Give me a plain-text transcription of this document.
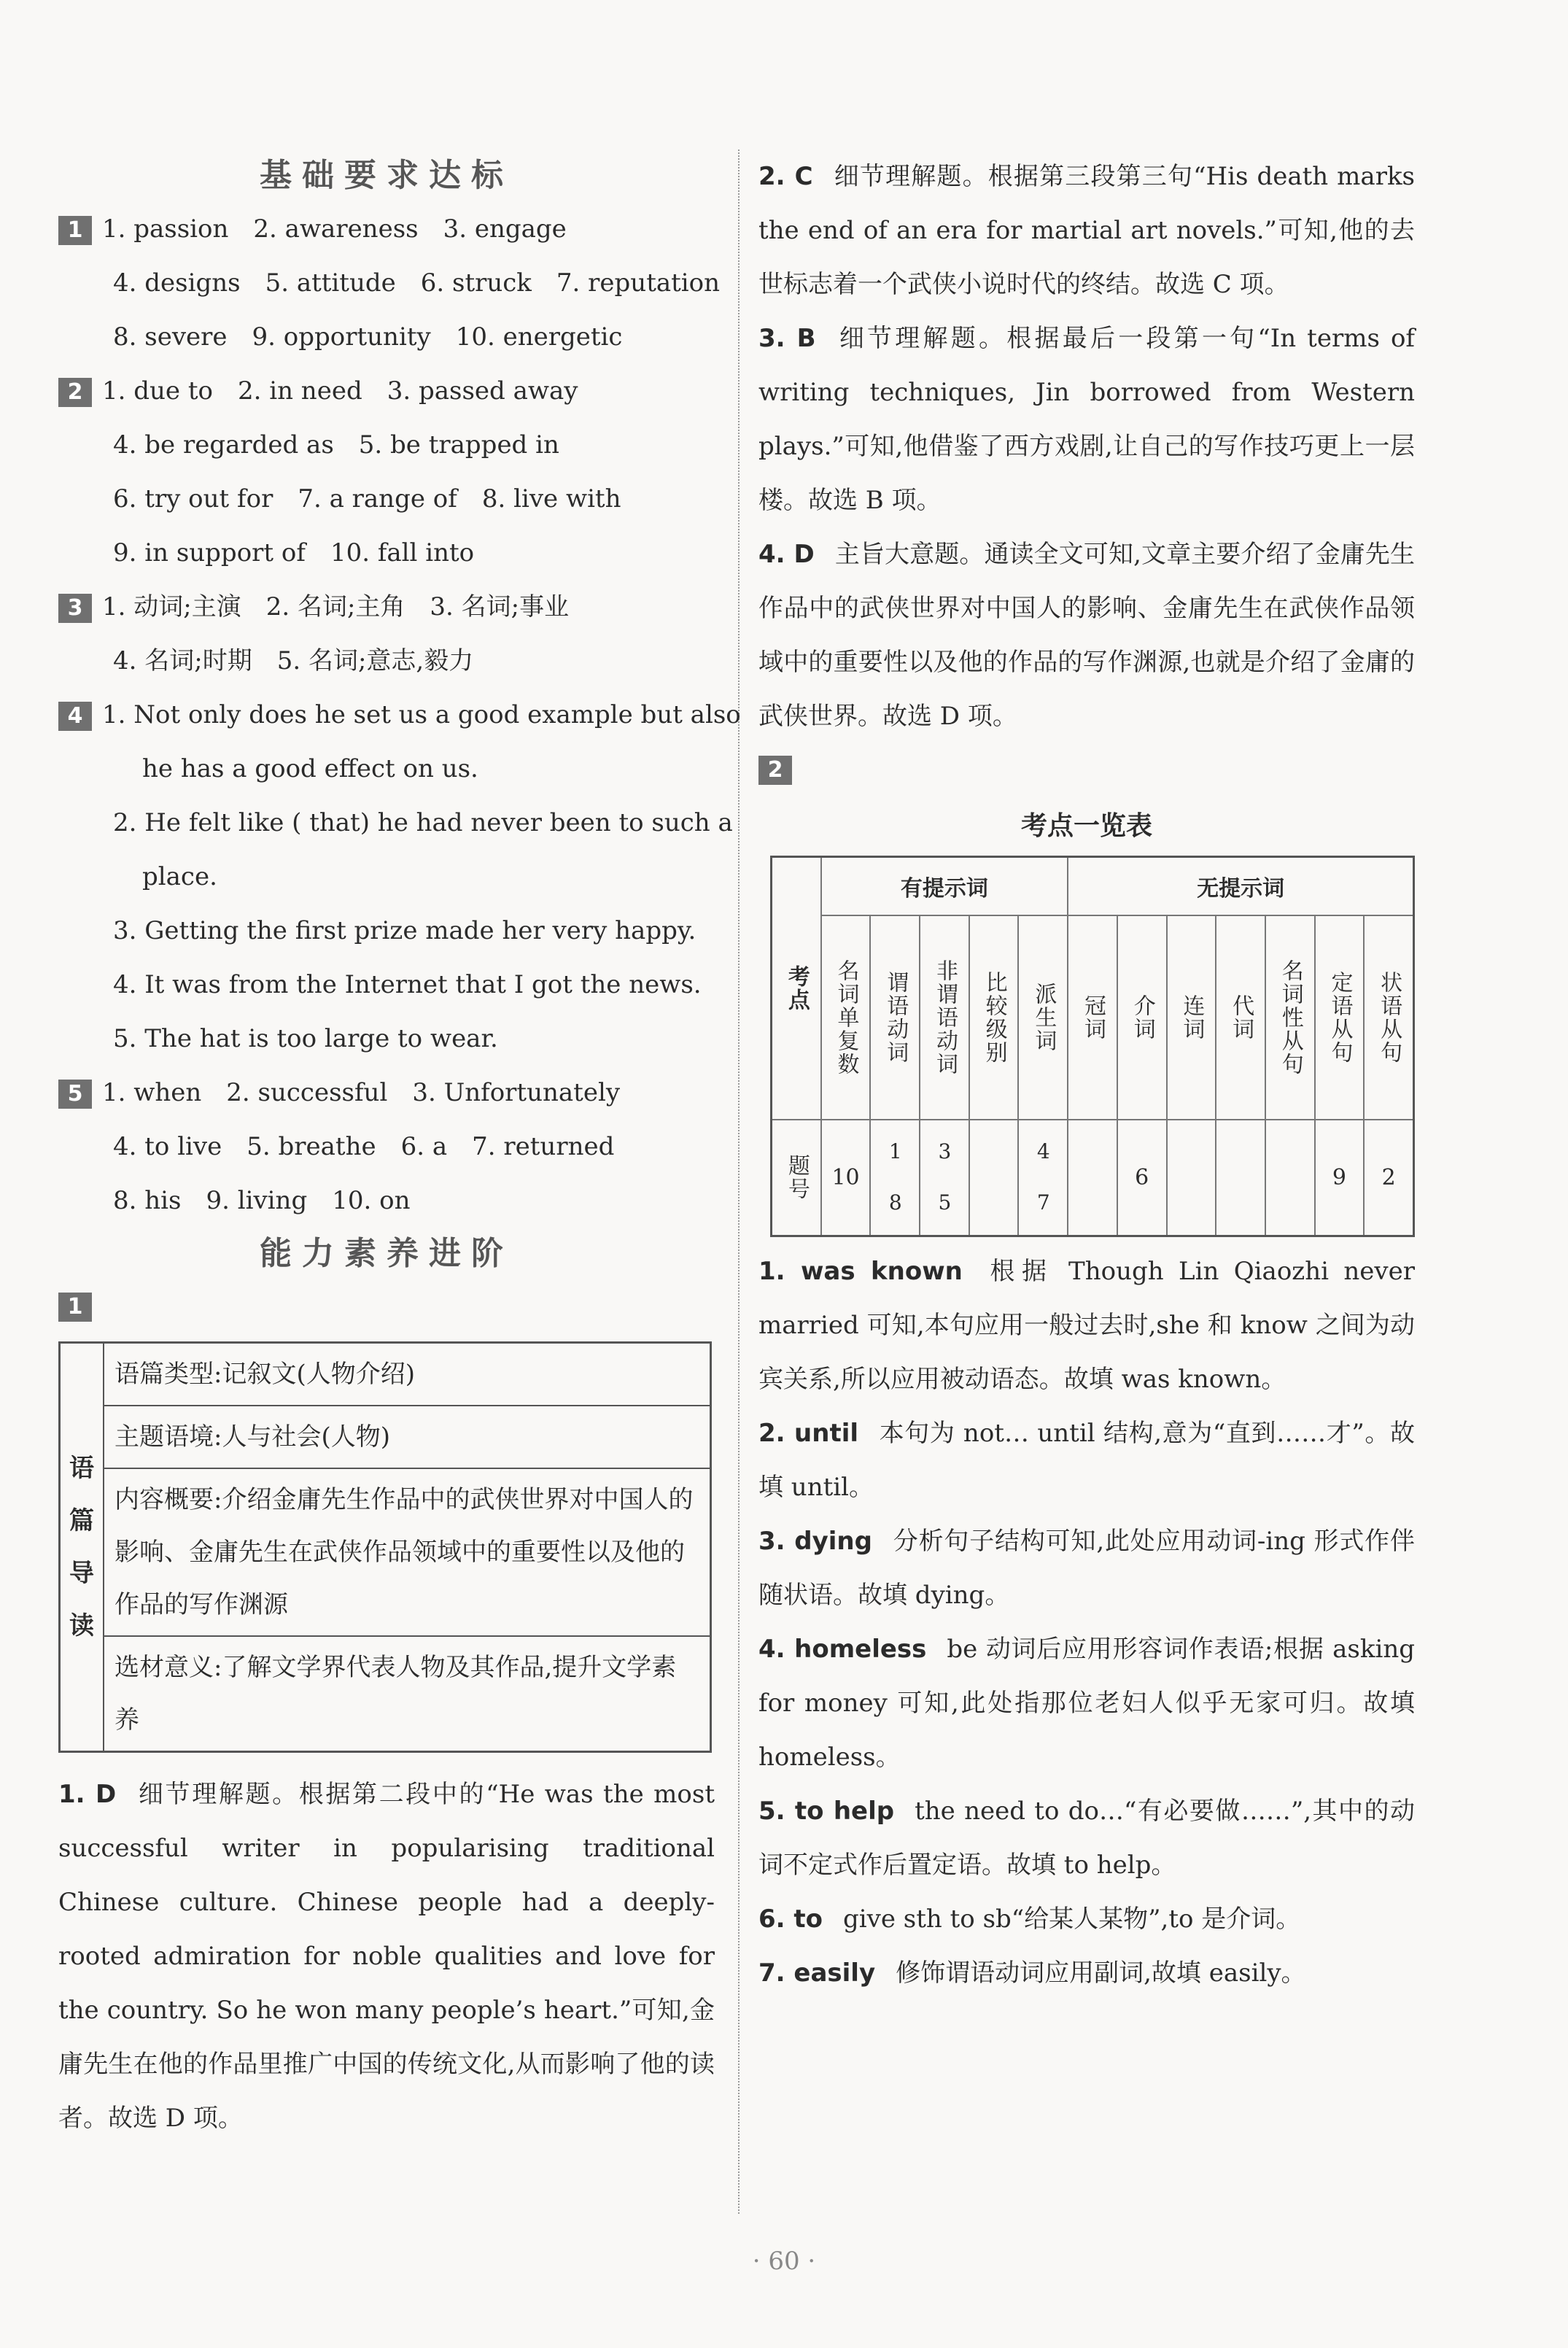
基础要求达标
1 1. passion 2. awareness 3. engage
4. designs 5. attitude 6. struck 7. reputation
8. severe 9. opportunity 10. energetic
2 1. due to 2. in need 3. passed away
4. be regarded as 5. be trapped in
6. try out for 7. a range of 8. live with
9. in support of 10. fall into
3 1. 动词;主演 2. 名词;主角 3. 名词;事业
4. 名词;时期 5. 名词;意志,毅力
4 1. Not only does he set us a good example but also
he has a good effect on us.
2. He felt like ( that) he had never been to such a
place.
3. Getting the first prize made her very happy.
4. It was from the Internet that I got the news.
5. The hat is too large to wear.
5 1. when 2. successful 3. Unfortunately
4. to live 5. breathe 6. a 7. returned
8. his 9. living 10. on
能力素养进阶
1
语
篇
导
读
语篇类型:记叙文(人物介绍)
主题语境:人与社会(人物)
内容概要:介绍金庸先生作品中的武侠世界对中国人的影响、金庸先生在武侠作品领域中的重要性以及他的作品的写作渊源
选材意义:了解文学界代表人物及其作品,提升文学素养
1. D 细节理解题。根据第二段中的“He was the most successful writer in popularising traditional Chinese culture. Chinese people had a deeply-rooted admiration for noble qualities and love for the country. So he won many people’s heart.”可知,金庸先生在他的作品里推广中国的传统文化,从而影响了他的读者。故选 D 项。
2. C 细节理解题。根据第三段第三句“His death marks the end of an era for martial art novels.”可知,他的去世标志着一个武侠小说时代的终结。故选 C 项。
3. B 细节理解题。根据最后一段第一句“In terms of writing techniques, Jin borrowed from Western plays.”可知,他借鉴了西方戏剧,让自己的写作技巧更上一层楼。故选 B 项。
4. D 主旨大意题。通读全文可知,文章主要介绍了金庸先生作品中的武侠世界对中国人的影响、金庸先生在武侠作品领域中的重要性以及他的作品的写作渊源,也就是介绍了金庸的武侠世界。故选 D 项。
2
考点一览表
考点	有提示词					无提示词						

	名词单复数	谓语动词	非谓语动词	比较级别	派生词	冠词	介词	连词	代词	名词性从句	定语从句	状语从句

题号	10	1 8	3 5		4 7		6				9	2
1. was known 根据 Though Lin Qiaozhi never married 可知,本句应用一般过去时,she 和 know 之间为动宾关系,所以应用被动语态。故填 was known。
2. until 本句为 not… until 结构,意为“直到……才”。故填 until。
3. dying 分析句子结构可知,此处应用动词-ing 形式作伴随状语。故填 dying。
4. homeless be 动词后应用形容词作表语;根据 asking for money 可知,此处指那位老妇人似乎无家可归。故填 homeless。
5. to help the need to do…“有必要做……”,其中的动词不定式作后置定语。故填 to help。
6. to give sth to sb“给某人某物”,to 是介词。
7. easily 修饰谓语动词应用副词,故填 easily。
· 60 ·
